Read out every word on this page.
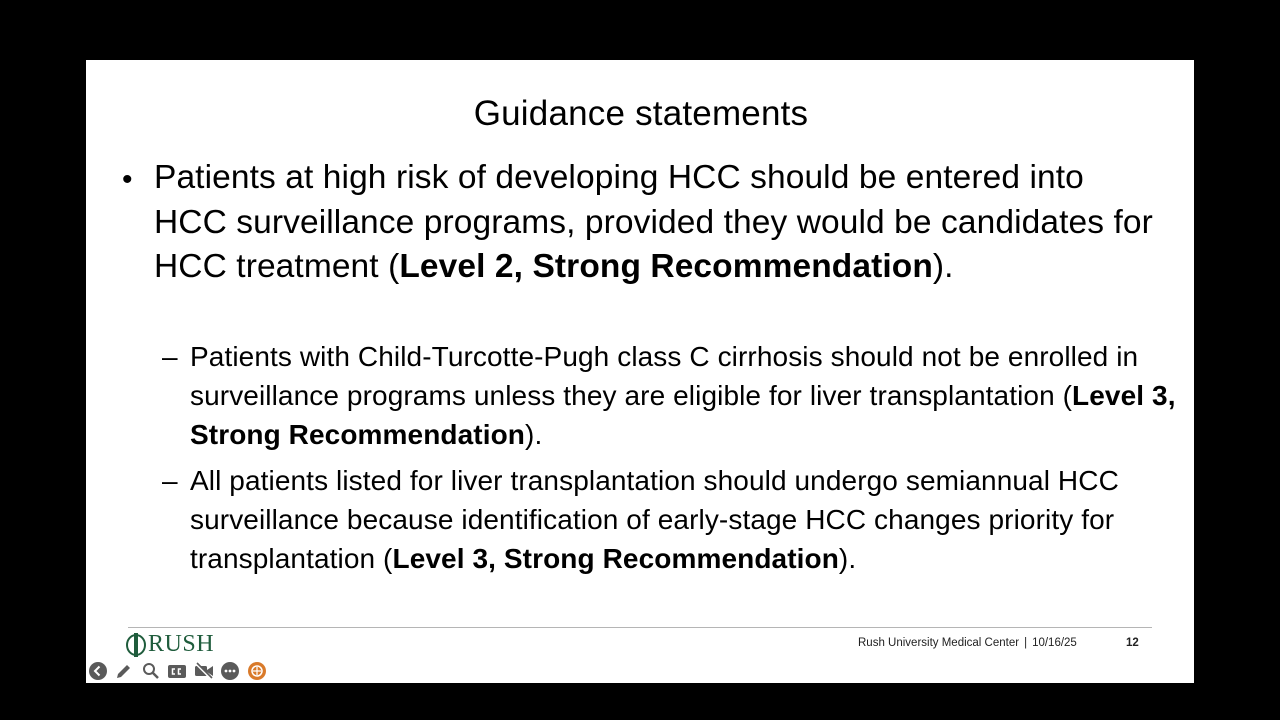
Guidance statements
• Patients at high risk of developing HCC should be entered into HCC surveillance programs, provided they would be candidates for HCC treatment (Level 2, Strong Recommendation).
– Patients with Child-Turcotte-Pugh class C cirrhosis should not be enrolled in surveillance programs unless they are eligible for liver transplantation (Level 3, Strong Recommendation).
– All patients listed for liver transplantation should undergo semiannual HCC surveillance because identification of early-stage HCC changes priority for transplantation (Level 3, Strong Recommendation).
RUSH	Rush University Medical Center | 10/16/25	12
